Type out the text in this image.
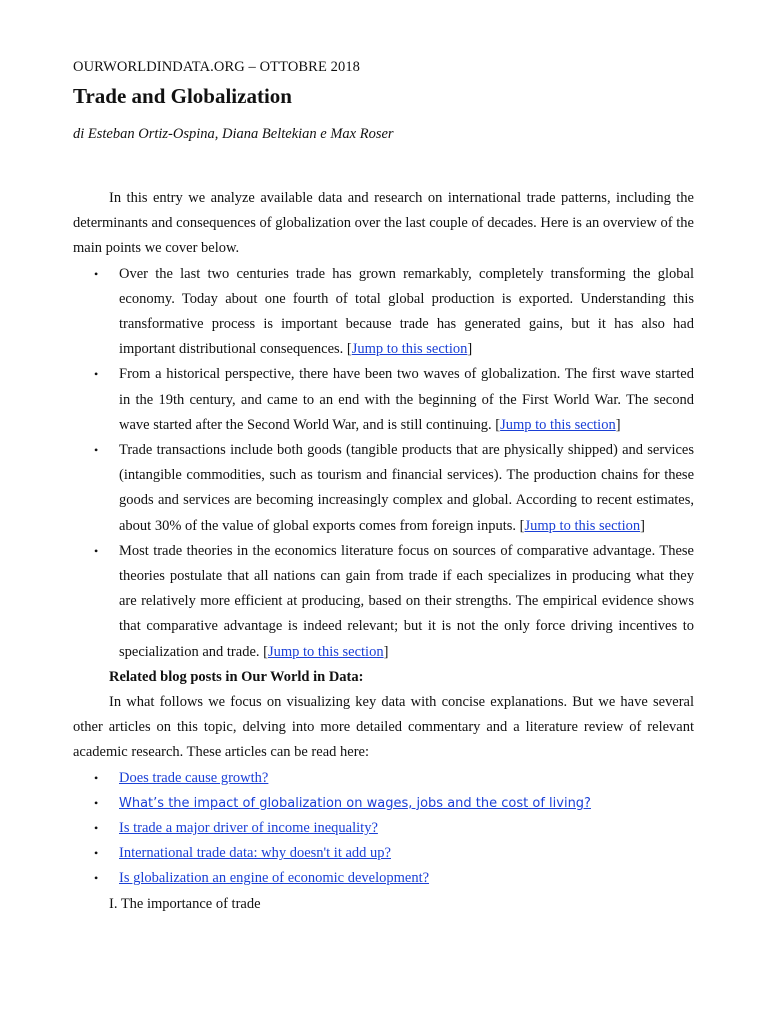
OURWORLDINDATA.ORG – OTTOBRE 2018
Trade and Globalization
di Esteban Ortiz-Ospina, Diana Beltekian e Max Roser

In this entry we analyze available data and research on international trade patterns, including the determinants and consequences of globalization over the last couple of decades. Here is an overview of the main points we cover below.

• Over the last two centuries trade has grown remarkably, completely transforming the global economy. Today about one fourth of total global production is exported. Understanding this transformative process is important because trade has generated gains, but it has also had important distributional consequences. [Jump to this section]
• From a historical perspective, there have been two waves of globalization. The first wave started in the 19th century, and came to an end with the beginning of the First World War. The second wave started after the Second World War, and is still continuing. [Jump to this section]
• Trade transactions include both goods (tangible products that are physically shipped) and services (intangible commodities, such as tourism and financial services). The production chains for these goods and services are becoming increasingly complex and global. According to recent estimates, about 30% of the value of global exports comes from foreign inputs. [Jump to this section]
• Most trade theories in the economics literature focus on sources of comparative advantage. These theories postulate that all nations can gain from trade if each specializes in producing what they are relatively more efficient at producing, based on their strengths. The empirical evidence shows that comparative advantage is indeed relevant; but it is not the only force driving incentives to specialization and trade. [Jump to this section]

Related blog posts in Our World in Data:

In what follows we focus on visualizing key data with concise explanations. But we have several other articles on this topic, delving into more detailed commentary and a literature review of relevant academic research. These articles can be read here:

• Does trade cause growth?
• What’s the impact of globalization on wages, jobs and the cost of living?
• Is trade a major driver of income inequality?
• International trade data: why doesn't it add up?
• Is globalization an engine of economic development?

I. The importance of trade
